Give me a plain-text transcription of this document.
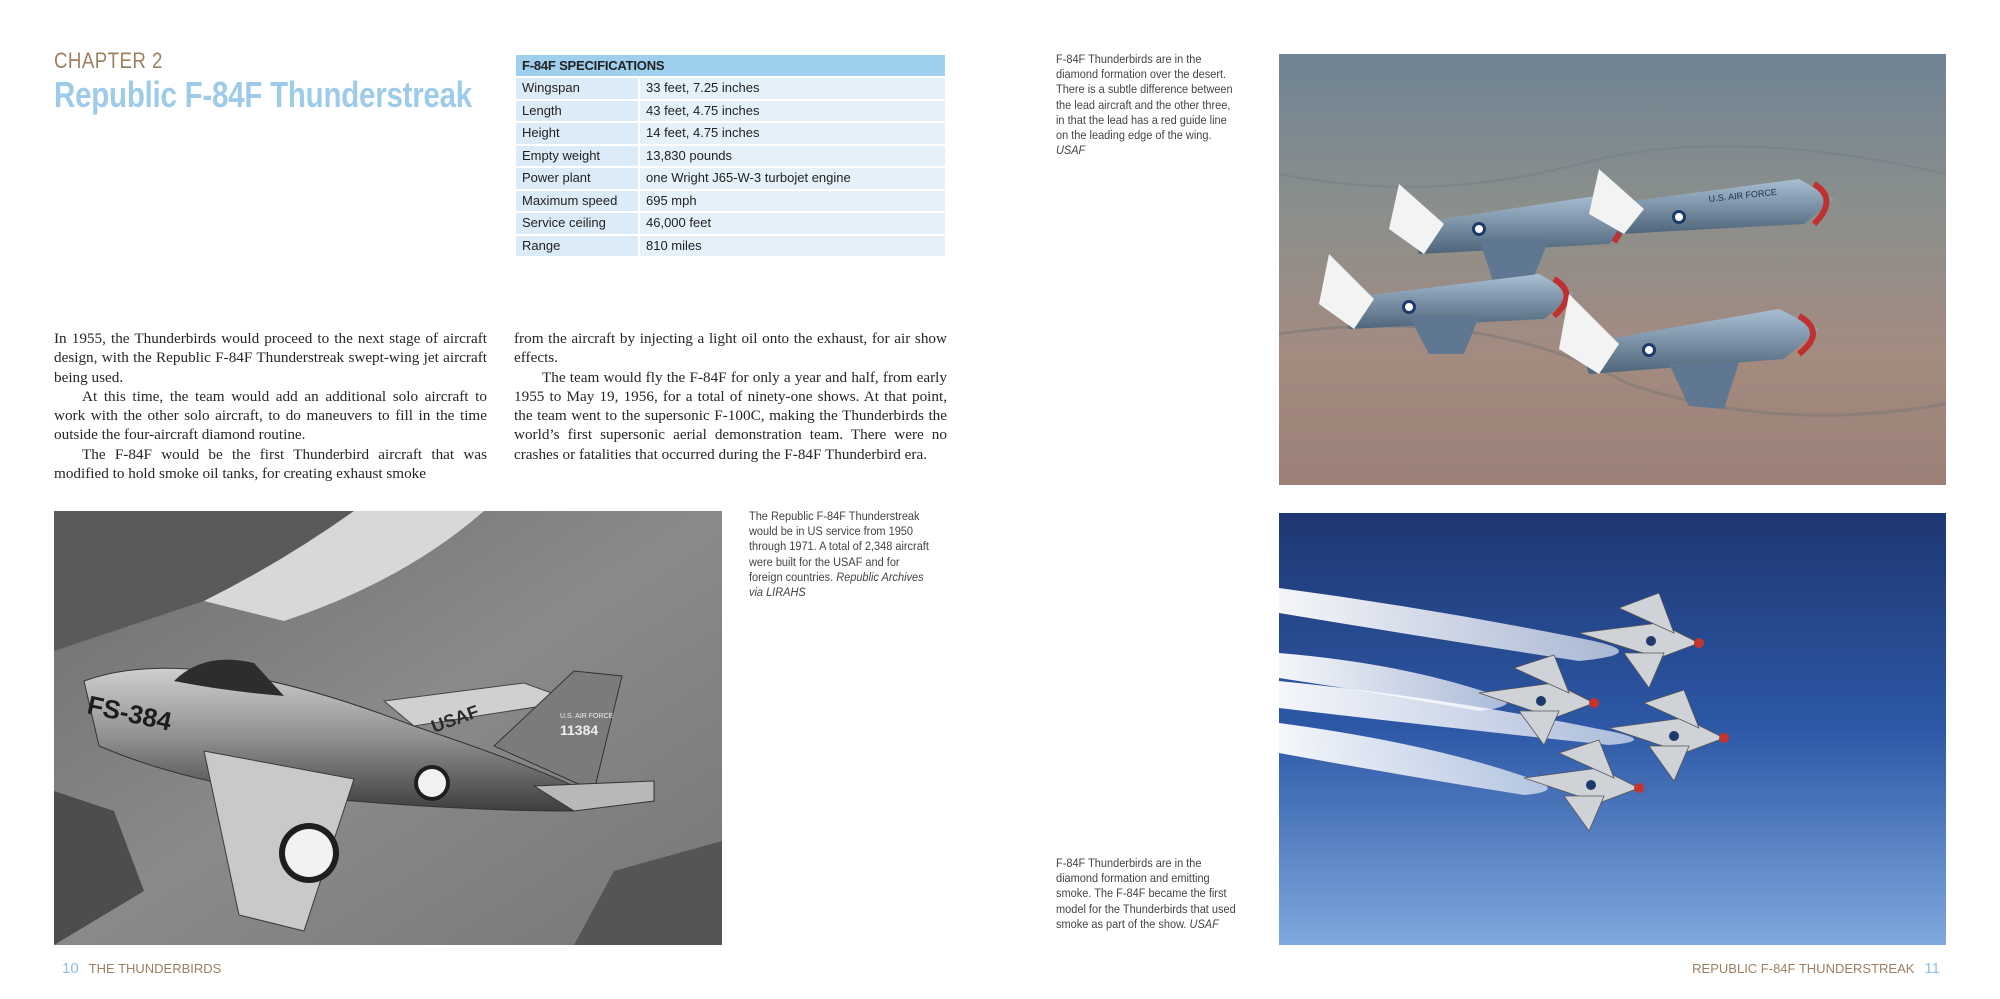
CHAPTER 2
Republic F-84F Thunderstreak
F-84F SPECIFICATIONS
Wingspan	33 feet, 7.25 inches
Length	43 feet, 4.75 inches
Height	14 feet, 4.75 inches
Empty weight	13,830 pounds
Power plant	one Wright J65-W-3 turbojet engine
Maximum speed	695 mph
Service ceiling	46,000 feet
Range	810 miles

In 1955, the Thunderbirds would proceed to the next stage of aircraft design, with the Republic F-84F Thunderstreak swept-wing jet aircraft being used.

At this time, the team would add an additional solo aircraft to work with the other solo aircraft, to do maneuvers to fill in the time outside the four-aircraft diamond routine.

The F-84F would be the first Thunderbird aircraft that was modified to hold smoke oil tanks, for creating exhaust smoke

from the aircraft by injecting a light oil onto the exhaust, for air show effects.

The team would fly the F-84F for only a year and half, from early 1955 to May 19, 1956, for a total of ninety-one shows. At that point, the team went to the supersonic F-100C, making the Thunderbirds the world’s first supersonic aerial demonstration team. There were no crashes or fatalities that occurred during the F-84F Thunderbird era.

FS-384	USAF	U.S. AIR FORCE
11384
The Republic F-84F Thunderstreak would be in US service from 1950 through 1971. A total of 2,348 aircraft were built for the USAF and for foreign countries. Republic Archives via LIRAHS
10 THE THUNDERBIRDS
F-84F Thunderbirds are in the diamond formation over the desert. There is a subtle difference between the lead aircraft and the other three, in that the lead has a red guide line on the leading edge of the wing. USAF
U.S. AIR FORCE
F-84F Thunderbirds are in the diamond formation and emitting smoke. The F-84F became the first model for the Thunderbirds that used smoke as part of the show. USAF
REPUBLIC F-84F THUNDERSTREAK 11
